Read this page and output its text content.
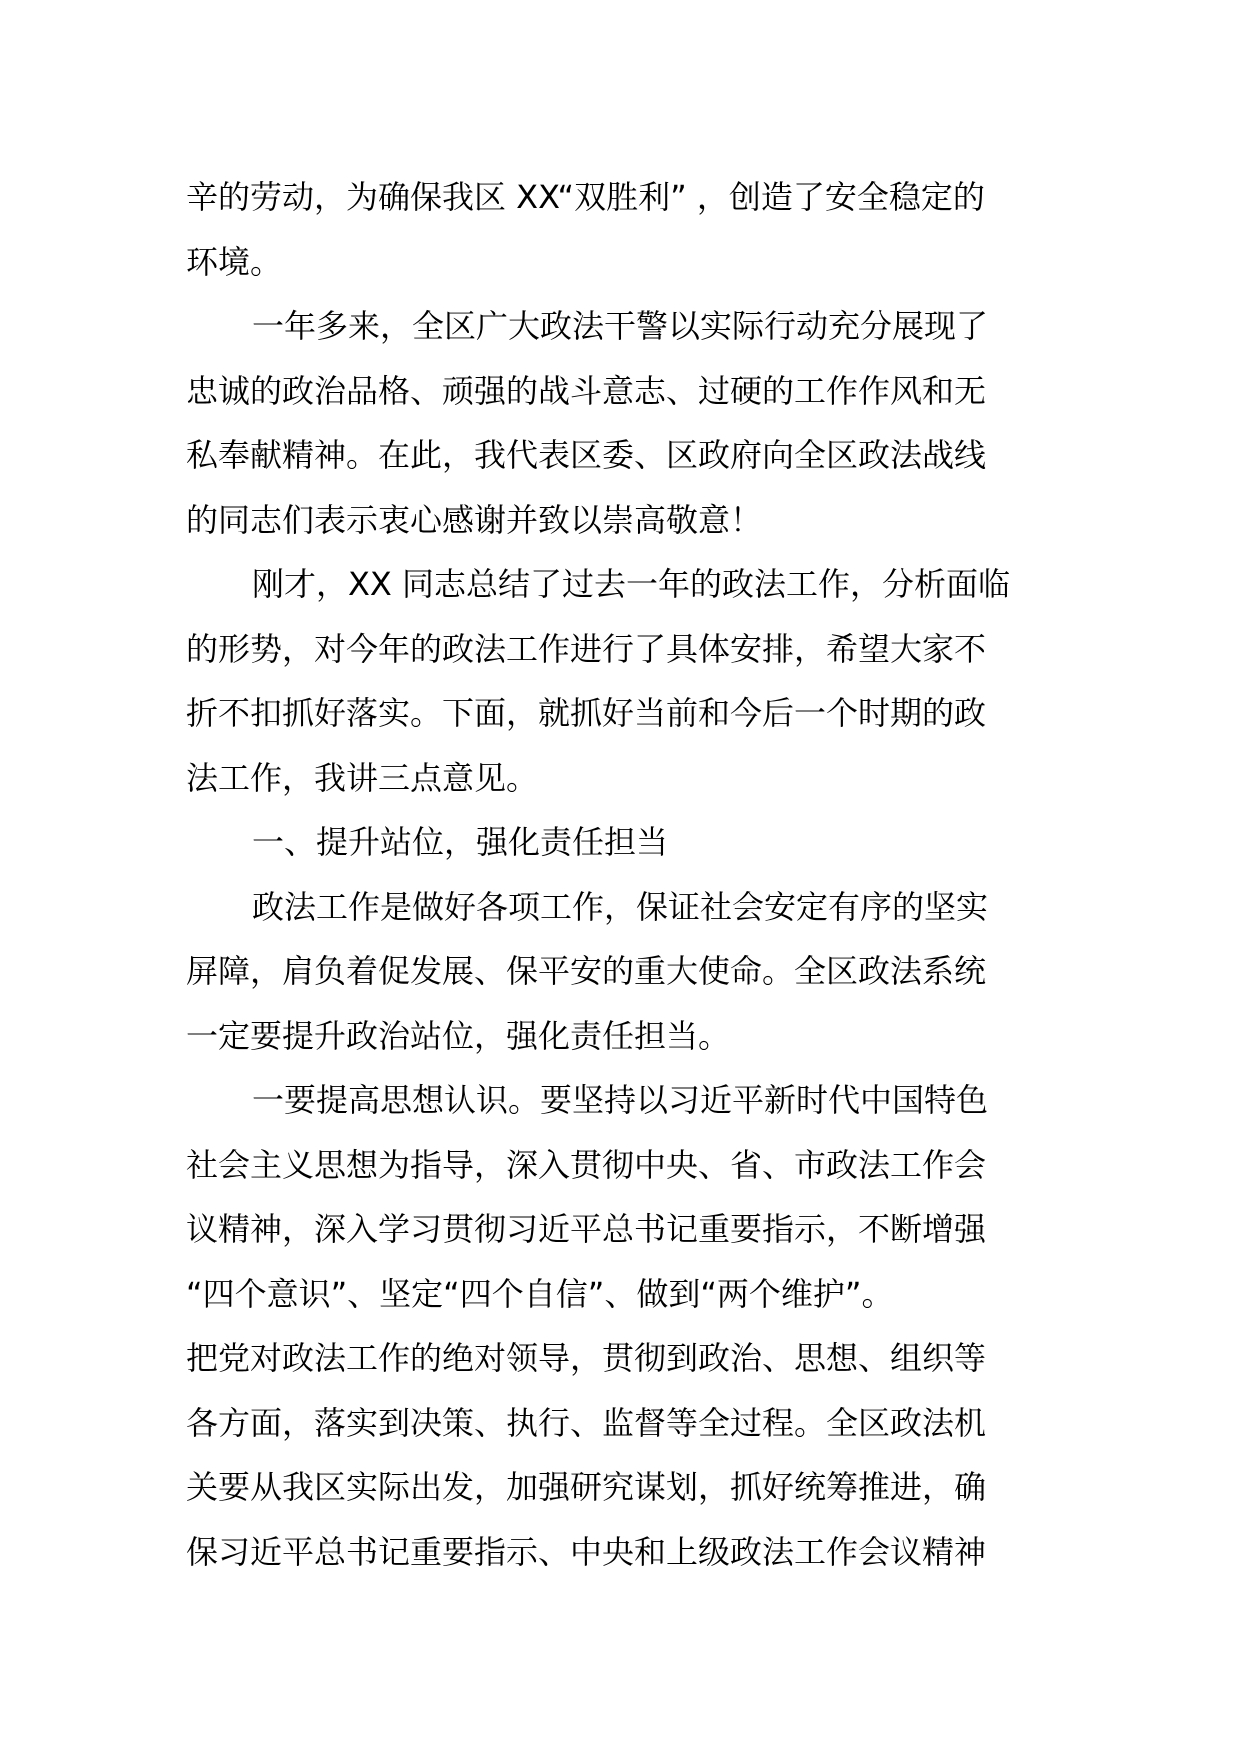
辛的劳动，为确保我区 XX“双胜利” ，创造了安全稳定的
环境。

一年多来，全区广大政法干警以实际行动充分展现了
忠诚的政治品格、顽强的战斗意志、过硬的工作作风和无
私奉献精神。在此，我代表区委、区政府向全区政法战线
的同志们表示衷心感谢并致以崇高敬意！

刚才，XX 同志总结了过去一年的政法工作，分析面临
的形势，对今年的政法工作进行了具体安排，希望大家不
折不扣抓好落实。下面，就抓好当前和今后一个时期的政
法工作，我讲三点意见。

一、提升站位，强化责任担当

政法工作是做好各项工作，保证社会安定有序的坚实
屏障，肩负着促发展、保平安的重大使命。全区政法系统
一定要提升政治站位，强化责任担当。

一要提高思想认识。要坚持以习近平新时代中国特色
社会主义思想为指导，深入贯彻中央、省、市政法工作会
议精神，深入学习贯彻习近平总书记重要指示，不断增强
“四个意识”、坚定“四个自信”、做到“两个维护”。
把党对政法工作的绝对领导，贯彻到政治、思想、组织等
各方面，落实到决策、执行、监督等全过程。全区政法机
关要从我区实际出发，加强研究谋划，抓好统筹推进，确
保习近平总书记重要指示、中央和上级政法工作会议精神
